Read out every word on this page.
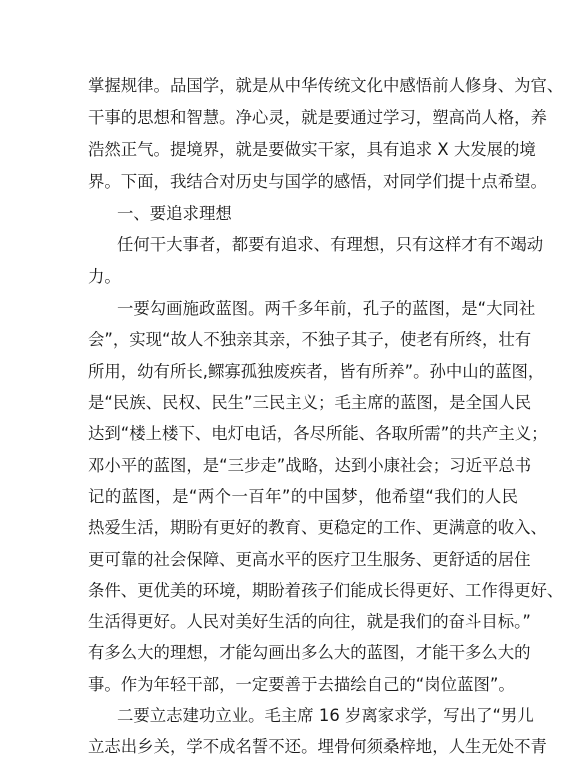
掌握规律。品国学，就是从中华传统文化中感悟前人修身、为官、
干事的思想和智慧。净心灵，就是要通过学习，塑高尚人格，养
浩然正气。提境界，就是要做实干家，具有追求 X 大发展的境
界。下面，我结合对历史与国学的感悟，对同学们提十点希望。
一、要追求理想
任何干大事者，都要有追求、有理想，只有这样才有不竭动
力。
一要勾画施政蓝图。两千多年前，孔子的蓝图，是“大同社
会”，实现“故人不独亲其亲，不独子其子，使老有所终，壮有
所用，幼有所长,鳏寡孤独废疾者，皆有所养”。孙中山的蓝图，
是“民族、民权、民生”三民主义；毛主席的蓝图，是全国人民
达到“楼上楼下、电灯电话，各尽所能、各取所需”的共产主义；
邓小平的蓝图，是“三步走”战略，达到小康社会；习近平总书
记的蓝图，是“两个一百年”的中国梦，他希望“我们的人民
热爱生活，期盼有更好的教育、更稳定的工作、更满意的收入、
更可靠的社会保障、更高水平的医疗卫生服务、更舒适的居住
条件、更优美的环境，期盼着孩子们能成长得更好、工作得更好、
生活得更好。人民对美好生活的向往，就是我们的奋斗目标。”
有多么大的理想，才能勾画出多么大的蓝图，才能干多么大的
事。作为年轻干部，一定要善于去描绘自己的“岗位蓝图”。
二要立志建功立业。毛主席 16 岁离家求学，写出了“男儿
立志出乡关，学不成名誓不还。埋骨何须桑梓地，人生无处不青
